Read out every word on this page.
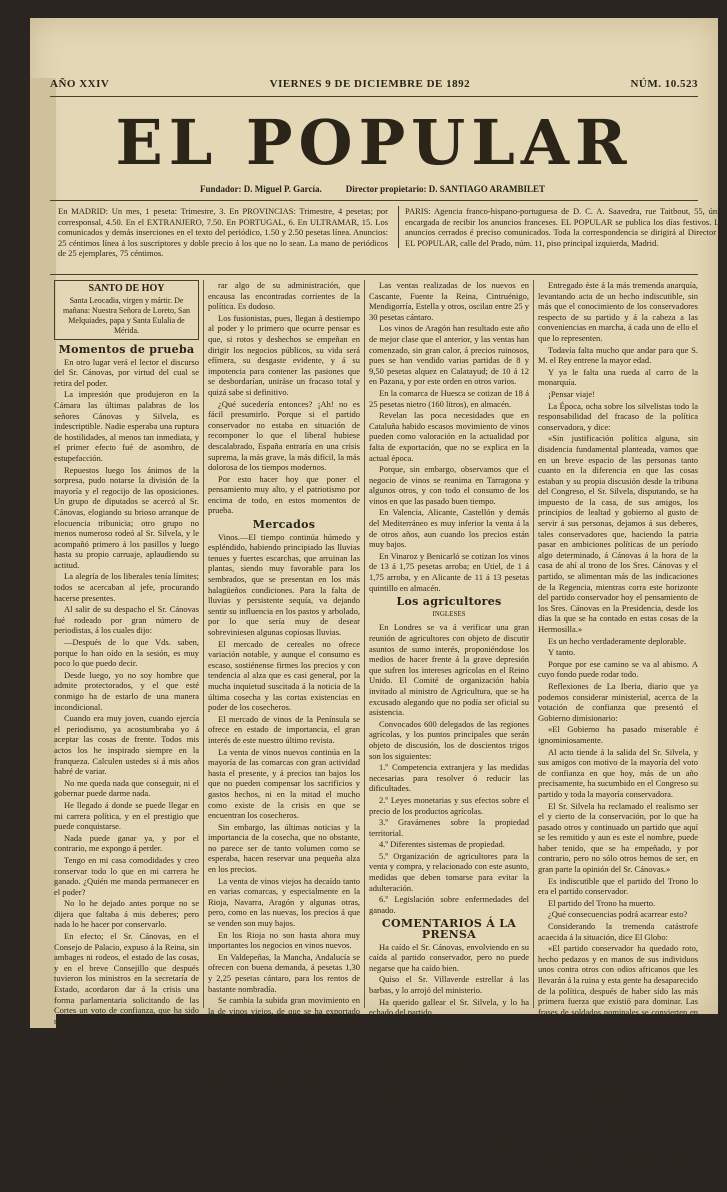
AÑO XXIV	VIERNES 9 DE DICIEMBRE DE 1892	NÚM. 10.523
EL POPULAR
Fundador: D. Miguel P. García.	Director propietario: D. SANTIAGO ARAMBILET
En MADRID: Un mes, 1 peseta: Trimestre, 3. En PROVINCIAS: Trimestre, 4 pesetas; por corresponsal, 4.50. En el EXTRANJERO, 7.50. En PORTUGAL, 6. En ULTRAMAR, 15. Los comunicados y demás inserciones en el texto del periódico, 1.50 y 2.50 pesetas línea. Anuncios: 25 céntimos línea á los suscriptores y doble precio á los que no lo sean. La mano de periódicos de 25 ejemplares, 75 céntimos.
PARIS: Agencia franco-hispano-portuguesa de D. C. A. Saavedra, rue Taitbout, 55, única encargada de recibir los anuncios franceses. EL POPULAR se publica los días festivos. Los anuncios cerrados é preciso comunicados. Toda la correspondencia se dirigirá al Director de EL POPULAR, calle del Prado, núm. 11, piso principal izquierda, Madrid.
SANTO DE HOY
Santa Leocadia, virgen y mártir. De mañana: Nuestra Señora de Loreto, San Melquiades, papa y Santa Eulalia de Mérida.
Momentos de prueba

En otro lugar verá el lector el discurso del Sr. Cánovas, por virtud del cual se retira del poder.

La impresión que produjeron en la Cámara las últimas palabras de los señores Cánovas y Silvela, es indescriptible. Nadie esperaba una ruptura de hostilidades, al menos tan inmediata, y el primer efecto fué de asombro, de estupefacción.

Repuestos luego los ánimos de la sorpresa, pudo notarse la división de la mayoría y el regocijo de las oposiciones. Un grupo de diputados se acercó al Sr. Cánovas, elogiando su brioso arranque de elocuencia tribunicia; otro grupo no menos numeroso rodeó al Sr. Silvela, y le acompañó primero á los pasillos y luego hasta su propio carruaje, aplaudiendo su actitud.

La alegría de los liberales tenía límites; todos se acercaban al jefe, procurando hacerse presentes.

Al salir de su despacho el Sr. Cánovas fué rodeado por gran número de periodistas, á los cuales dijo:

—Después de lo que Vds. saben, porque lo han oído en la sesión, es muy poco lo que puedo decir.

Desde luego, yo no soy hombre que admite protectorados, y el que esté conmigo ha de estarlo de una manera incondicional.

Cuando era muy joven, cuando ejercía el periodismo, ya acostumbraba yo á aceptar las cosas de frente. Todos mis actos los he inspirado siempre en la franqueza. Calculen ustedes si á mis años habré de variar.

No me queda nada que conseguir, ni el gobernar puede darme nada.

He llegado á donde se puede llegar en mi carrera política, y en el prestigio que puede conquistarse.

Nada puede ganar ya, y por el contrario, me expongo á perder.

Tengo en mi casa comodidades y creo conservar todo lo que en mi carrera he ganado. ¿Quién me manda permanecer en el poder?

No lo he dejado antes porque no se dijera que faltaba á mis deberes; pero nada lo he hacer por conservarlo.

En efecto; el Sr. Cánovas, en el Consejo de Palacio, expuso á la Reina, sin ambages ni rodeos, el estado de las cosas, y en el breve Consejillo que después tuvieron los ministros en la secretaría de Estado, acordaron dar á la crisis una forma parlamentaria solicitando de las Cortes un voto de confianza, que ha sido negado. En su vista, la situación conservadora se ha, dejado de existir.

Es indiscutible que los fusionistas recoperan el poder; pero, ¿es que puede caer

rar algo de su administración, que encausa las encontradas corrientes de la política. Es dudoso.

Los fusionistas, pues, llegan á destiempo al poder y lo primero que ocurre pensar es que, si rotos y deshechos se empeñan en dirigir los negocios públicos, su vida será efímera, su desgaste evidente, y á su impotencia para contener las pasiones que se desbordarían, uniráse un fracaso total y quizá sabe si definitivo.

¿Qué sucedería entonces? ¡Ah! no es fácil presumirlo. Porque si el partido conservador no estaba en situación de recomponer lo que el liberal hubiese descalabrado, España entraría en una crisis suprema, la más grave, la más difícil, la más dolorosa de los tiempos modernos.

Por esto hacer hoy que poner el pensamiento muy alto, y el patriotismo por encima de todo, en estos momentos de prueba.

Mercados

Vinos.—El tiempo continúa húmedo y espléndido, habiendo principiado las lluvias tenues y fuertes escarchas, que arruinan las plantas, siendo muy favorable para los sembrados, que se presentan en los más halagüeños condiciones. Para la falta de lluvias y persistente sequía, va dejando sentir su influencia en los pastos y arbolado, por lo que sería muy de desear sobreviniesen algunas copiosas lluvias.

El mercado de cereales no ofrece variación notable, y aunque el consumo es escaso, sostiénense firmes los precios y con tendencia al alza que es casi general, por la mucha inquietud suscitada á la noticia de la última cosecha y las cortas existencias en poder de los cosecheros.

El mercado de vinos de la Península se ofrece en estado de importancia, el gran interés de este nuestro último revista.

La venta de vinos nuevos continúa en la mayoría de las comarcas con gran actividad hasta el presente, y á precios tan bajos los que no pueden compensar los sacrificios y gastos hechos, ni en la mitad el mucho como existe de la crisis en que se encuentran los cosecheros.

Sin embargo, las últimas noticias y la importancia de la cosecha, que no obstante, no parece ser de tanto volumen como se esperaba, hacen reservar una pequeña alza en los precios.

La venta de vinos viejos ha decaído tanto en varias comarcas, y especialmente en la Rioja, Navarra, Aragón y algunas otras, pero, como en las nuevas, los precios á que se venden son muy bajos.

En los Rioja no son hasta ahora muy importantes los negocios en vinos nuevos.

En Valdepeñas, la Mancha, Andalucía se ofrecen con buena demanda, á pesetas 1,30 y 2,25 pesetas cántaro, para los rentos de bastante nombradía.

Se cambia la subida gran movimiento en la de vinos viejos, de que se ha exportado considerables partidas á precios muy variables, pero se lo que se observa mejora respecto á los de hace poco tiempo.

Tampoco en Navarra tienen hasta hoy importancia los negocios en vinos nuevos, siendo de más consideración la de los viejos, el bien se está al comienzo de la campaña.

Las ventas realizadas de los nuevos en Cascante, Fuente la Reina, Cintruénigo, Mendigorría, Estella y otros, oscilan entre 25 y 30 pesetas cántaro.

Los vinos de Aragón han resultado este año de mejor clase que el anterior, y las ventas han comenzado, sin gran calor, á precios ruinosos, pues se han vendido varias partidas de 8 y 9,50 pesetas alquez en Calatayud; de 10 á 12 en Pazana, y por este orden en otros varios.

En la comarca de Huesca se cotizan de 18 á 25 pesetas nietro (160 litros), en almacén.

Revelan las poca necesidades que en Cataluña habido escasos movimiento de vinos pueden como valoración en la actualidad por falta de exportación, que no se explica en la actual época.

Porque, sin embargo, observamos que el negocio de vinos se reanima en Tarragona y algunos otros, y con todo el consumo de los vinos en que las pasado buen tiempo.

En Valencia, Alicante, Castellón y demás del Mediterráneo es muy inferior la venta á la de otros años, aun cuando los precios están muy bajos.

En Vinaroz y Benicarló se cotizan los vinos de 13 á 1,75 pesetas arroba; en Utiel, de 1 á 1,75 arroba, y en Alicante de 11 á 13 pesetas quintillo en almacén.

Los agricultores
INGLESES

En Londres se va á verificar una gran reunión de agricultores con objeto de discutir asuntos de sumo interés, proponiéndose los medios de hacer frente á la grave depresión que sufren los intereses agrícolas en el Reino Unido. El Comité de organización había invitado al ministro de Agricultura, que se ha excusado alegando que no podía ser oficial su asistencia.

Convocados 600 delegados de las regiones agrícolas, y los puntos principales que serán objeto de discusión, los de doscientos trigos son los siguientes:

1.º Competencia extranjera y las medidas necesarias para resolver ó reducir las dificultades.

2.º Leyes monetarias y sus efectos sobre el precio de los productos agrícolas.

3.º Gravámenes sobre la propiedad territorial.

4.º Diferentes sistemas de propiedad.

5.º Organización de agricultores para la venta y compra, y relacionado con este asunto, medidas que deben tomarse para evitar la adulteración.

6.º Legislación sobre enfermedades del ganado.

COMENTARIOS Á LA PRENSA

Ha caído el Sr. Cánovas, envolviendo en su caída al partido conservador, pero no puede negarse que ha caído bien.

Quiso el Sr. Villaverde estrellar á las barbas, y lo arrojó del ministerio.

Ha querido gallear el Sr. Silvela, y lo ha echado del partido.

Y como el Sr. Cánovas no ha querido vivir de la conmiseración del Sr. Silvela, ha resignado sus poderes.

Ahora todo lo es indiferente.

La política entra en una faz algo más que sombría.

Oscura.

He aquí en qué términos hace El Liberal los funerales de la situación conservadora:

«Al compás de las profundidades monárquicas, lo dijimos ayer todos los arbitrios, todos, desde los Srs. Sagasta y Martos, hasta los Srs. Pi y Nocedal, falta desde ayer una de las dos columnas que lo sustentaban hasta el partido conservador.»

Entregado éste á la más tremenda anarquía, levantando acta de un hecho indiscutible, sin más que el conocimiento de los conservadores respecto de su partido y á la cabeza a las conveniencias en marcha, á cada uno de ello el que lo representen.

Todavía falta mucho que andar para que S. M. el Rey entrene la mayor edad.

Y ya le falta una rueda al carro de la monarquía.

¡Pensar viaje!

La Época, ocha sobre los silvelistas todo la responsabilidad del fracaso de la política conservadora, y dice:

«Sin justificación política alguna, sin disidencia fundamental planteada, vamos que en un breve espacio de las personas tanto cuanto en la diferencia en que las cosas estaban y su propia discusión desde la tribuna del Congreso, el Sr. Silvela, disputando, se ha impuesto de la casa, de sus amigos, los principios de lealtad y gobierno al gusto de servir á sus personas, dejamos á sus deberes, tales conservadores que, haciendo la patria pasar en ambiciones políticas de un período algo determinado, á Cánovas á la hora de la casa de ahí al trono de los Sres. Cánovas y el partido, se alimentan más de las indicaciones de la Regencia, mientras corra este horizonte del partido conservador hoy el pensamiento de los Sres. Cánovas en la Presidencia, desde los días la que se ha contado en estas cosas de la Hermosilla.»

Es un hecho verdaderamente deplorable.

Y tanto.

Porque por ese camino se va al abismo. A cuyo fondo puede rodar todo.

Reflexiones de La Iberia, diario que ya podemos considerar ministerial, acerca de la votación de confianza que presentó el Gobierno dimisionario:

«El Gobierno ha pasado miserable é ignominiosamente.

Al acto tiende á la salida del Sr. Silvela, y sus amigos con motivo de la mayoría del voto de confianza en que hoy, más de un año precisamente, ha sucumbido en el Congreso su partido y toda la mayoría conservadora.

El Sr. Silvela ha reclamado el realismo ser el y cierto de la conservación, por lo que ha pasado otros y continuado un partido que aquí se les remitido y aun es este el nombre, puede haber tenido, que se ha empeñado, y por contrario, pero no sólo otros hemos de ser, en gran parte la opinión del Sr. Cánovas.»

Es indiscutible que el partido del Trono lo era el partido conservador.

El partido del Trono ha muerto.

¿Qué consecuencias podrá acarrear esto?

Considerando la tremenda catástrofe acaecida á la situación, dice El Globo:

«El partido conservador ha quedado roto, hecho pedazos y en manos de sus individuos unos contra otros con odios africanos que les llevarán á la ruina y esta gente ha desaparecido de la política, después de haber sido las más primera fuerza que existió para dominar. Las frases de soldados nominales se convierten en amenazas trágicas de sus compañeros que esperaban al que se marcha, y los que ayer eran de la mayoría, después de cantar victoria se hallan en la desolación de los vencidos.»

Es indiscutible que el partido del Trono lo era el partido conservador.

Es un espectáculo, en verdad, poco edificante para el país que trabaja.

¡Pobre España!

Un síntoma que debe tenerse en cuenta en estos momentos de incertidumbre.

La prensa americana vuelve sobre el antiguo tema del supuesto proyecto matrimonial entre D. Jaime, hijo de D. Carlos de Borbón, y la princesa de Asturias doña Mercedes. Añade que, según sus
